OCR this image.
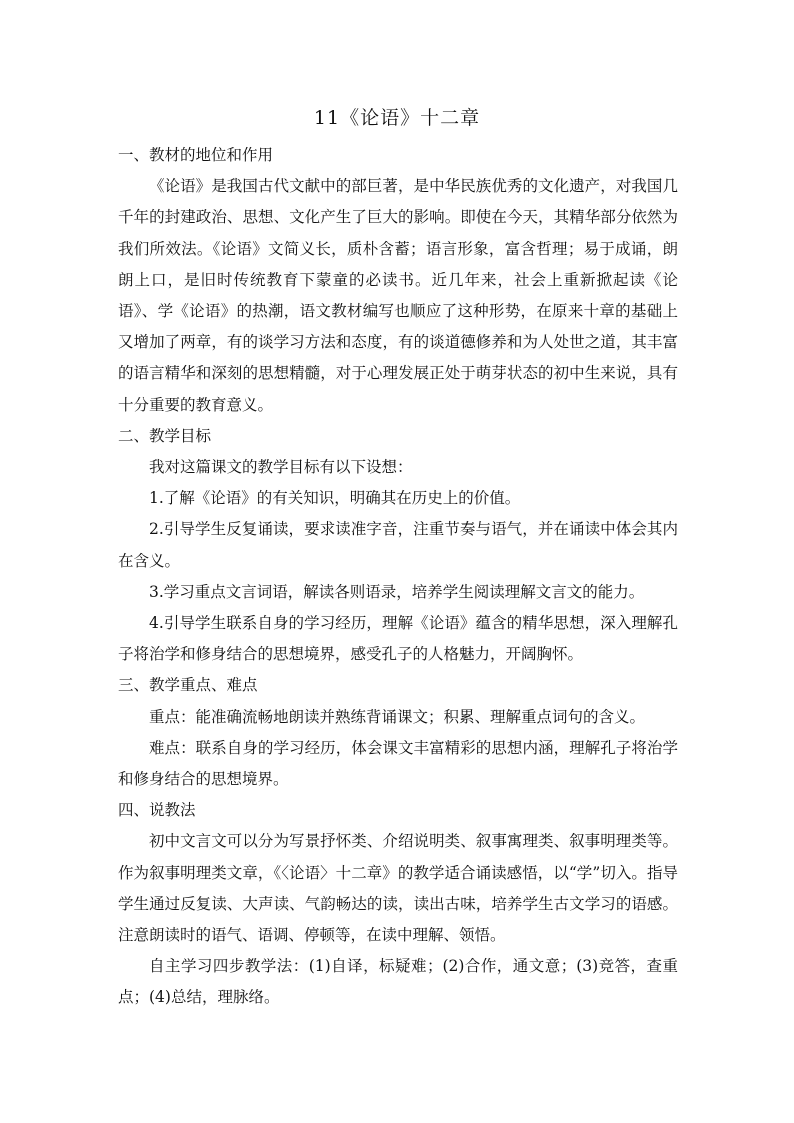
11《论语》十二章

一、教材的地位和作用

《论语》是我国古代文献中的部巨著，是中华民族优秀的文化遗产，对我国几千年的封建政治、思想、文化产生了巨大的影响。即使在今天，其精华部分依然为我们所效法。《论语》文简义长，质朴含蓄；语言形象，富含哲理；易于成诵，朗朗上口，是旧时传统教育下蒙童的必读书。近几年来，社会上重新掀起读《论语》、学《论语》的热潮，语文教材编写也顺应了这种形势，在原来十章的基础上又增加了两章，有的谈学习方法和态度，有的谈道德修养和为人处世之道，其丰富的语言精华和深刻的思想精髓，对于心理发展正处于萌芽状态的初中生来说，具有十分重要的教育意义。

二、教学目标

我对这篇课文的教学目标有以下设想：

1.了解《论语》的有关知识，明确其在历史上的价值。

2.引导学生反复诵读，要求读准字音，注重节奏与语气，并在诵读中体会其内在含义。

3.学习重点文言词语，解读各则语录，培养学生阅读理解文言文的能力。

4.引导学生联系自身的学习经历，理解《论语》蕴含的精华思想，深入理解孔子将治学和修身结合的思想境界，感受孔子的人格魅力，开阔胸怀。

三、教学重点、难点

重点：能准确流畅地朗读并熟练背诵课文；积累、理解重点词句的含义。

难点：联系自身的学习经历，体会课文丰富精彩的思想内涵，理解孔子将治学和修身结合的思想境界。

四、说教法

初中文言文可以分为写景抒怀类、介绍说明类、叙事寓理类、叙事明理类等。作为叙事明理类文章，《〈论语〉十二章》的教学适合诵读感悟，以“学”切入。指导学生通过反复读、大声读、气韵畅达的读，读出古味，培养学生古文学习的语感。注意朗读时的语气、语调、停顿等，在读中理解、领悟。

自主学习四步教学法：(1)自译，标疑难；(2)合作，通文意；(3)竞答，查重点；(4)总结，理脉络。
